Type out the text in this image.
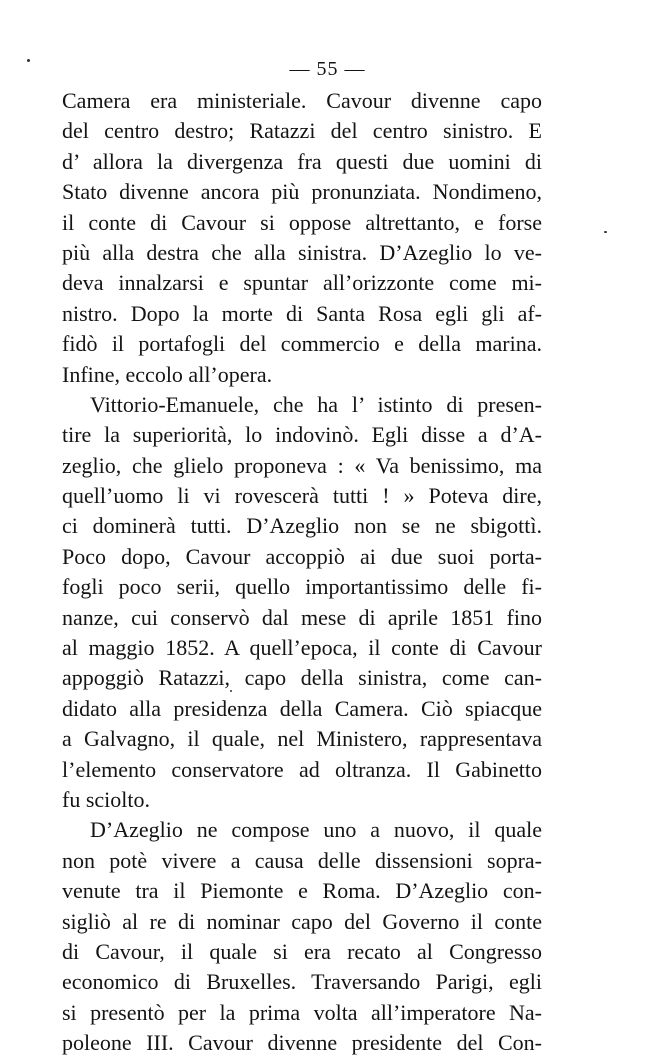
— 55 —
Camera era ministeriale. Cavour divenne capo
del centro destro; Ratazzi del centro sinistro. E
d’ allora la divergenza fra questi due uomini di
Stato divenne ancora più pronunziata. Nondimeno,
il conte di Cavour si oppose altrettanto, e forse
più alla destra che alla sinistra. D’Azeglio lo ve-
deva innalzarsi e spuntar all’orizzonte come mi-
nistro. Dopo la morte di Santa Rosa egli gli af-
fidò il portafogli del commercio e della marina.
Infine, eccolo all’opera.
Vittorio-Emanuele, che ha l’ istinto di presen-
tire la superiorità, lo indovinò. Egli disse a d’A-
zeglio, che glielo proponeva : « Va benissimo, ma
quell’uomo li vi rovescerà tutti ! » Poteva dire,
ci dominerà tutti. D’Azeglio non se ne sbigottì.
Poco dopo, Cavour accoppiò ai due suoi porta-
fogli poco serii, quello importantissimo delle fi-
nanze, cui conservò dal mese di aprile 1851 fino
al maggio 1852. A quell’epoca, il conte di Cavour
appoggiò Ratazzi, capo della sinistra, come can-
didato alla presidenza della Camera. Ciò spiacque
a Galvagno, il quale, nel Ministero, rappresentava
l’elemento conservatore ad oltranza. Il Gabinetto
fu sciolto.
D’Azeglio ne compose uno a nuovo, il quale
non potè vivere a causa delle dissensioni sopra-
venute tra il Piemonte e Roma. D’Azeglio con-
sigliò al re di nominar capo del Governo il conte
di Cavour, il quale si era recato al Congresso
economico di Bruxelles. Traversando Parigi, egli
si presentò per la prima volta all’imperatore Na-
poleone III. Cavour divenne presidente del Con-
